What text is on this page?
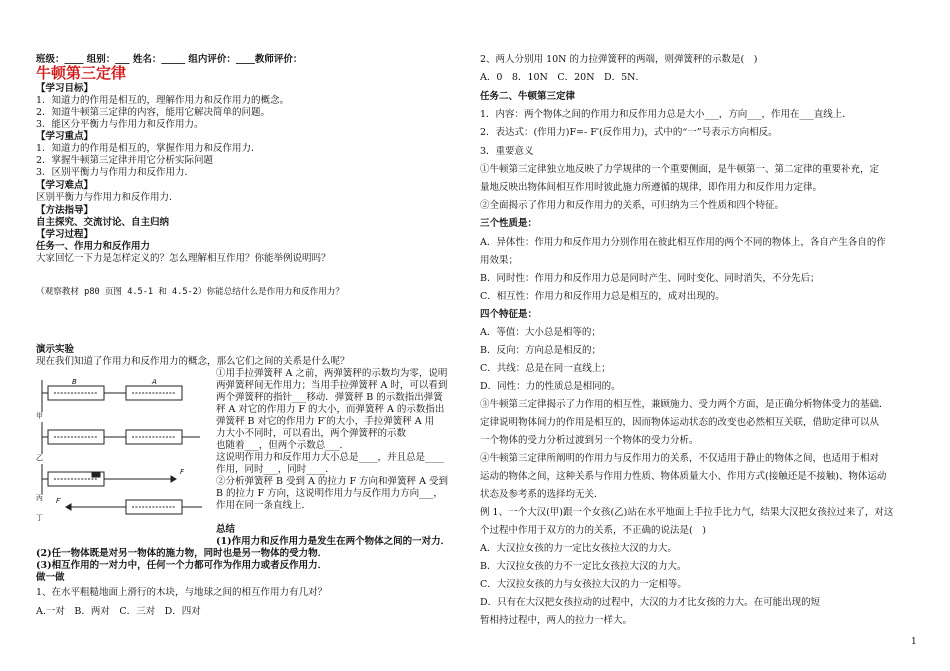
班级：____ 组别：___ 姓名：_____ 组内评价：____教师评价：
牛顿第三定律
【学习目标】
1．知道力的作用是相互的，理解作用力和反作用力的概念。
2．知道牛顿第三定律的内容，能用它解决简单的问题。
3．能区分平衡力与作用力和反作用力。
【学习重点】
1．知道力的作用是相互的，掌握作用力和反作用力．
2．掌握牛顿第三定律并用它分析实际问题
3．区别平衡力与作用力和反作用力．
【学习难点】
区别平衡力与作用力和反作用力．
【方法指导】
自主探究、交流讨论、自主归纳
【学习过程】
任务一、作用力和反作用力
大家回忆一下力是怎样定义的？怎么理解相互作用？你能举例说明吗？
（观察教材 p80 页图 4.5-1 和 4.5-2）你能总结什么是作用力和反作用力？
演示实验
现在我们知道了作用力和反作用力的概念，那么它们之间的关系是什么呢？
甲
乙
丙
丁
B	A
F
F′
①用手拉弹簧秤 A 之前，两弹簧秤的示数均为零，说明
两弹簧秤间无作用力；当用手拉弹簧秤 A 时，可以看到
两个弹簧秤的指针___移动．弹簧秤 B 的示数指出弹簧
秤 A 对它的作用力 F 的大小，而弹簧秤 A 的示数指出
弹簧秤 B 对它的作用力 F′的大小，手拉弹簧秤 A 用
力大小不同时，可以看出，两个弹簧秤的示数
也随着___，但两个示数总___．
这说明作用力和反作用力大小总是____，并且总是____
作用，同时___，同时____．
②分析弹簧秤 B 受到 A 的拉力 F 方向和弹簧秤 A 受到
B 的拉力 F 方向，这说明作用力与反作用力方向___，
作用在同一条直线上．
总结
(1)作用力和反作用力是发生在两个物体之间的一对力．
(2)任一物体既是对另一物体的施力物，同时也是另一物体的受力物．
(3)相互作用的一对力中，任何一个力都可作为作用力或者反作用力．
做一做
1、在水平粗糙地面上滑行的木块，与地球之间的相互作用力有几对？
A.一对　B．两对　C．三对　D．四对
2、两人分别用 10N 的力拉弹簧秤的两端，则弹簧秤的示数是(　)
A．0　8．10N　C．20N　D．5N．
任务二、牛顿第三定律
1．内容：两个物体之间的作用力和反作用力总是大小___，方向___，作用在___直线上．
2．表达式：(作用力)F=- F′(反作用力)，式中的“一”号表示方向相反。
3．重要意义
①牛顿第三定律独立地反映了力学规律的一个重要侧面，是牛顿第一、第二定律的重要补充，定
量地反映出物体间相互作用时彼此施力所遵循的规律，即作用力和反作用力定律。
②全面揭示了作用力和反作用力的关系，可归纳为三个性质和四个特征。
三个性质是：
A．异体性：作用力和反作用力分别作用在彼此相互作用的两个不同的物体上，各自产生各自的作
用效果；
B．同时性：作用力和反作用力总是同时产生、同时变化、同时消失，不分先后；
C．相互性：作用力和反作用力总是相互的，成对出现的。
四个特征是：
A．等值：大小总是相等的；
B．反向：方向总是相反的；
C．共线：总是在同一直线上；
D．同性：力的性质总是相同的。
③牛顿第三定律揭示了力作用的相互性，兼顾施力、受力两个方面，是正确分析物体受力的基础．
定律说明物体间力的作用是相互的，因而物体运动状态的改变也必然相互关联，借助定律可以从
一个物体的受力分析过渡到另一个物体的受力分析。
④牛顿第三定律所阐明的作用力与反作用力的关系，不仅适用于静止的物体之间，也适用于相对
运动的物体之间，这种关系与作用力性质、物体质量大小、作用方式(接触还是不接触)、物体运动
状态及参考系的选择均无关．
例 1、一个大汉(甲)跟一个女孩(乙)站在水平地面上手拉手比力气，结果大汉把女孩拉过来了，对这
个过程中作用于双方的力的关系，不正确的说法是(　)
A．大汉拉女孩的力一定比女孩拉大汉的力大。
B．大汉拉女孩的力不一定比女孩拉大汉的力大。
C．大汉拉女孩的力与女孩拉大汉的力一定相等。
D．只有在大汉把女孩拉动的过程中，大汉的力才比女孩的力大。在可能出现的短
暂相持过程中，两人的拉力一样大。
1
